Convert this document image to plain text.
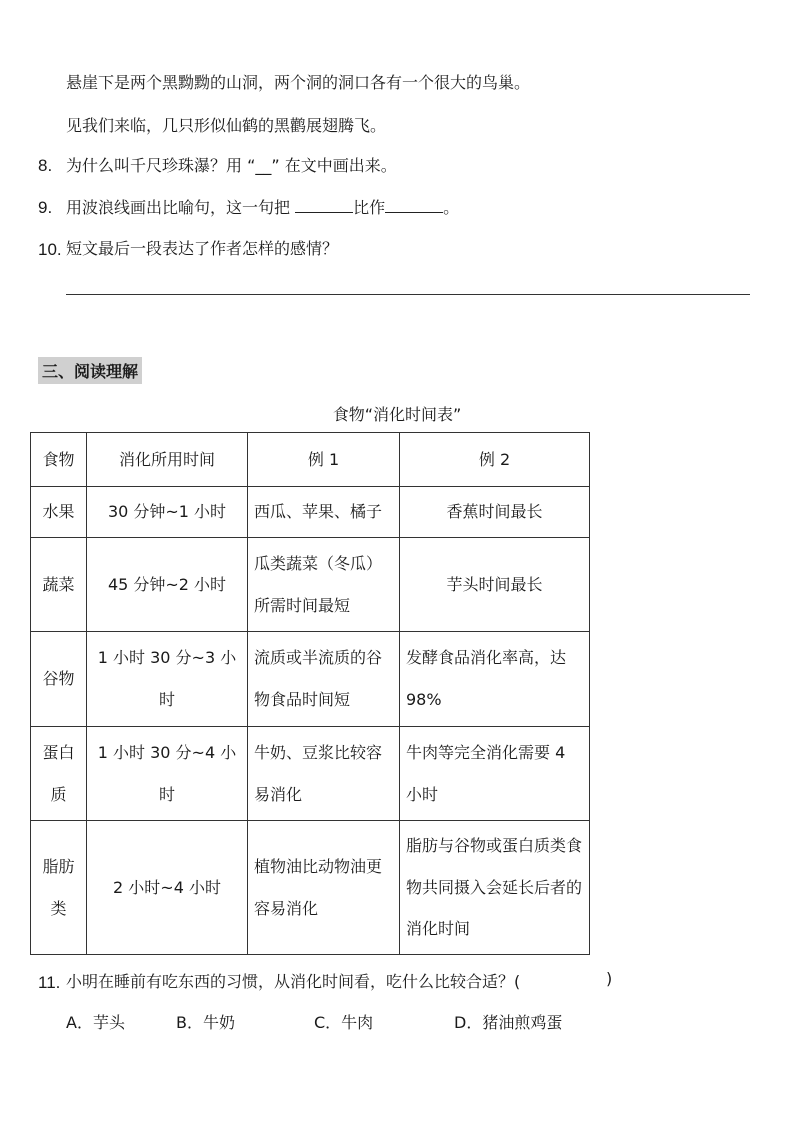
悬崖下是两个黑黝黝的山洞，两个洞的洞口各有一个很大的鸟巢。
见我们来临，几只形似仙鹤的黑鹳展翅腾飞。
8. 为什么叫千尺珍珠瀑？用 “__” 在文中画出来。
9. 用波浪线画出比喻句，这一句把	比作	。
10. 短文最后一段表达了作者怎样的感情？
三、阅读理解
食物“消化时间表”
食物	消化所用时间	例 1	例 2
水果	30 分钟~1 小时	西瓜、苹果、橘子	香蕉时间最长
蔬菜	45 分钟~2 小时	瓜类蔬菜（冬瓜）所需时间最短	芋头时间最长
谷物	1 小时 30 分~3 小时	流质或半流质的谷物食品时间短	发酵食品消化率高，达 98%
蛋白质	1 小时 30 分~4 小时	牛奶、豆浆比较容易消化	牛肉等完全消化需要 4 小时
脂肪类	2 小时~4 小时	植物油比动物油更容易消化	脂肪与谷物或蛋白质类食物共同摄入会延长后者的消化时间
11. 小明在睡前有吃东西的习惯，从消化时间看，吃什么比较合适？(	)
A．芋头	B．牛奶	C．牛肉	D．猪油煎鸡蛋
